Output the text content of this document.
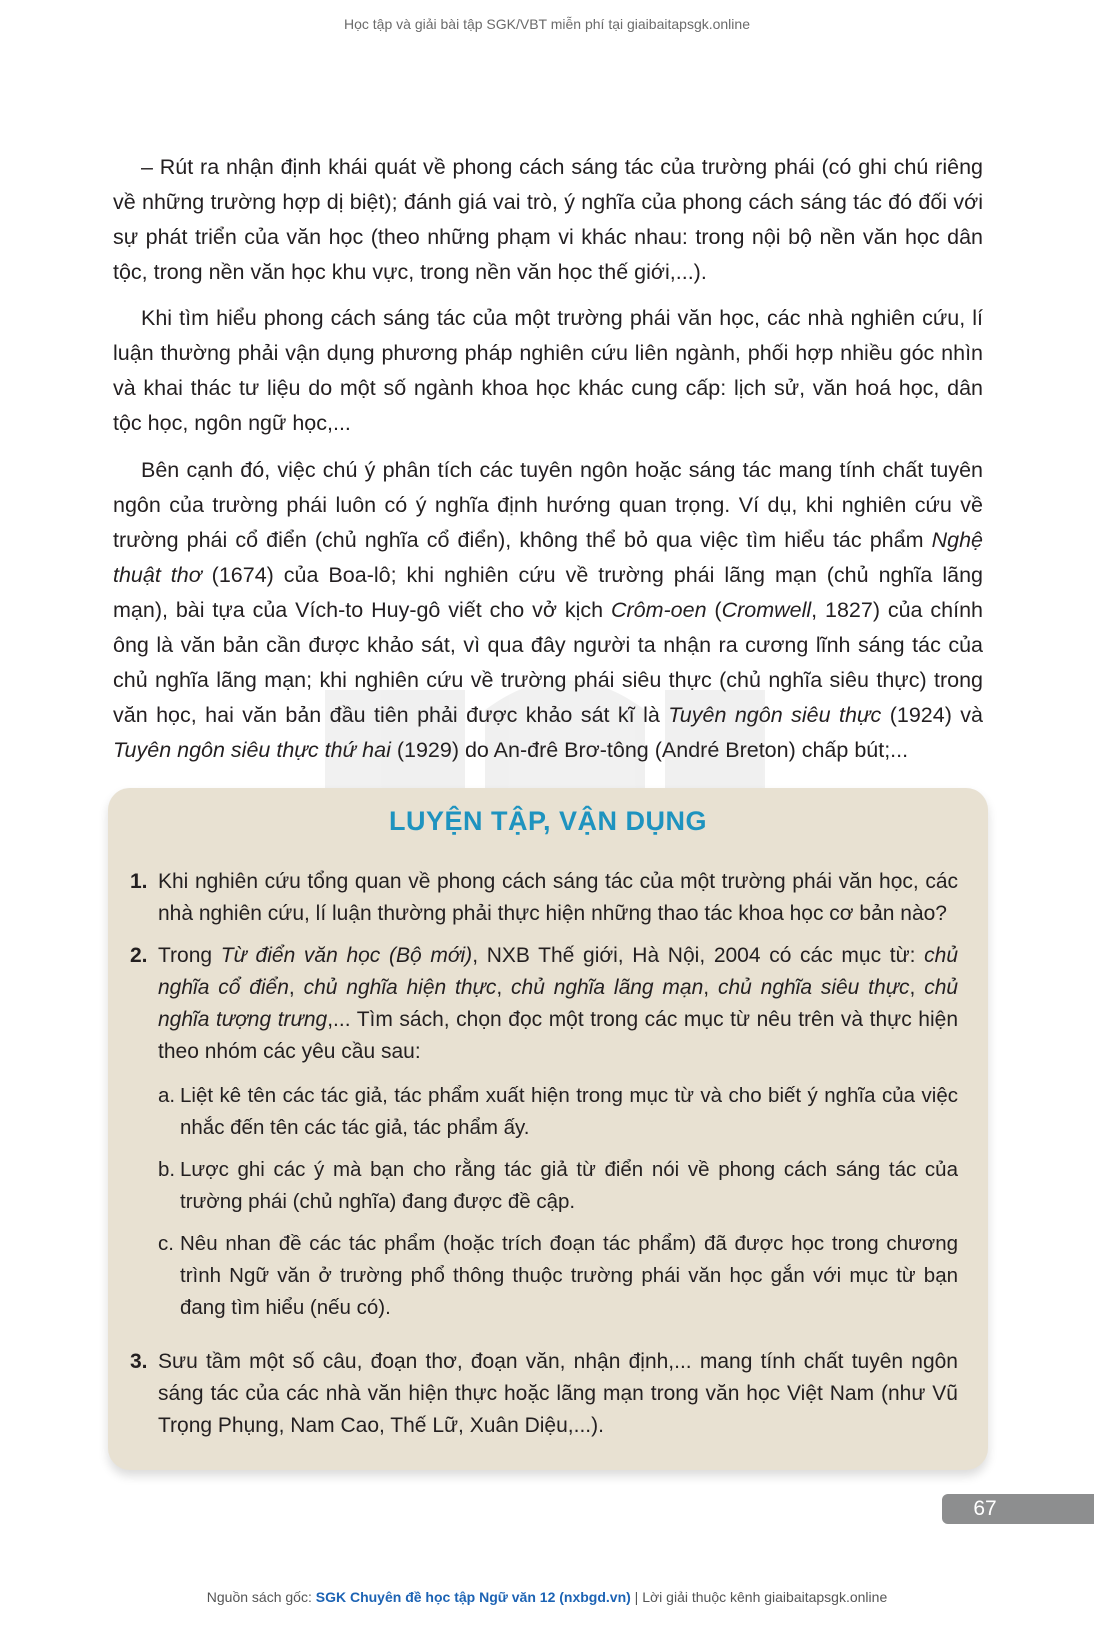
Học tập và giải bài tập SGK/VBT miễn phí tại giaibaitapsgk.online

– Rút ra nhận định khái quát về phong cách sáng tác của trường phái (có ghi chú riêng về những trường hợp dị biệt); đánh giá vai trò, ý nghĩa của phong cách sáng tác đó đối với sự phát triển của văn học (theo những phạm vi khác nhau: trong nội bộ nền văn học dân tộc, trong nền văn học khu vực, trong nền văn học thế giới,...).

Khi tìm hiểu phong cách sáng tác của một trường phái văn học, các nhà nghiên cứu, lí luận thường phải vận dụng phương pháp nghiên cứu liên ngành, phối hợp nhiều góc nhìn và khai thác tư liệu do một số ngành khoa học khác cung cấp: lịch sử, văn hoá học, dân tộc học, ngôn ngữ học,...

Bên cạnh đó, việc chú ý phân tích các tuyên ngôn hoặc sáng tác mang tính chất tuyên ngôn của trường phái luôn có ý nghĩa định hướng quan trọng. Ví dụ, khi nghiên cứu về trường phái cổ điển (chủ nghĩa cổ điển), không thể bỏ qua việc tìm hiểu tác phẩm Nghệ thuật thơ (1674) của Boa-lô; khi nghiên cứu về trường phái lãng mạn (chủ nghĩa lãng mạn), bài tựa của Vích-to Huy-gô viết cho vở kịch Crôm-oen (Cromwell, 1827) của chính ông là văn bản cần được khảo sát, vì qua đây người ta nhận ra cương lĩnh sáng tác của chủ nghĩa lãng mạn; khi nghiên cứu về trường phái siêu thực (chủ nghĩa siêu thực) trong văn học, hai văn bản đầu tiên phải được khảo sát kĩ là Tuyên ngôn siêu thực (1924) và Tuyên ngôn siêu thực thứ hai (1929) do An-đrê Brơ-tông (André Breton) chấp bút;...

LUYỆN TẬP, VẬN DỤNG
1. Khi nghiên cứu tổng quan về phong cách sáng tác của một trường phái văn học, các nhà nghiên cứu, lí luận thường phải thực hiện những thao tác khoa học cơ bản nào?
2. Trong Từ điển văn học (Bộ mới), NXB Thế giới, Hà Nội, 2004 có các mục từ: chủ nghĩa cổ điển, chủ nghĩa hiện thực, chủ nghĩa lãng mạn, chủ nghĩa siêu thực, chủ nghĩa tượng trưng,... Tìm sách, chọn đọc một trong các mục từ nêu trên và thực hiện theo nhóm các yêu cầu sau:
a. Liệt kê tên các tác giả, tác phẩm xuất hiện trong mục từ và cho biết ý nghĩa của việc nhắc đến tên các tác giả, tác phẩm ấy.
b. Lược ghi các ý mà bạn cho rằng tác giả từ điển nói về phong cách sáng tác của trường phái (chủ nghĩa) đang được đề cập.
c. Nêu nhan đề các tác phẩm (hoặc trích đoạn tác phẩm) đã được học trong chương trình Ngữ văn ở trường phổ thông thuộc trường phái văn học gắn với mục từ bạn đang tìm hiểu (nếu có).
3. Sưu tầm một số câu, đoạn thơ, đoạn văn, nhận định,... mang tính chất tuyên ngôn sáng tác của các nhà văn hiện thực hoặc lãng mạn trong văn học Việt Nam (như Vũ Trọng Phụng, Nam Cao, Thế Lữ, Xuân Diệu,...).
67
Nguồn sách gốc: SGK Chuyên đề học tập Ngữ văn 12 (nxbgd.vn) | Lời giải thuộc kênh giaibaitapsgk.online
